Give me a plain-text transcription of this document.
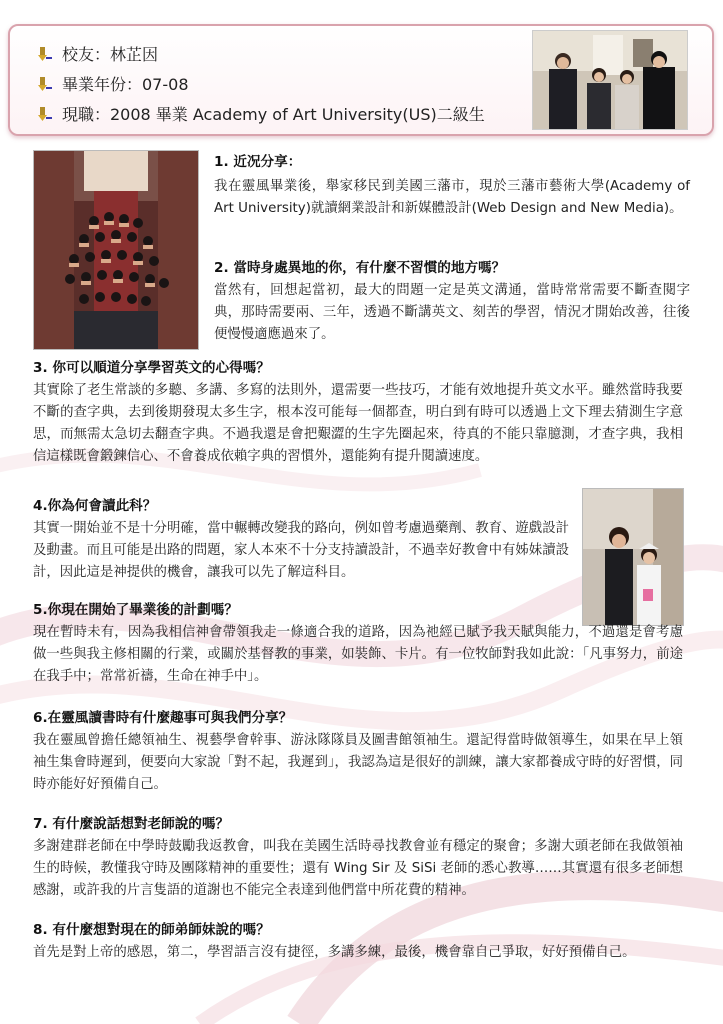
校友：林芷因
畢業年份：07-08
現職：2008 畢業 Academy of Art University(US)二級生

1. 近况分享：

我在靈風畢業後，舉家移民到美國三藩市，現於三藩市藝術大學(Academy of Art University)就讀網業設計和新媒體設計(Web Design and New Media)。

2. 當時身處異地的你，有什麼不習慣的地方嗎？

當然有，回想起當初，最大的問題一定是英文溝通，當時常常需要不斷查閱字典，那時需要兩、三年，透過不斷講英文、刻苦的學習，情況才開始改善，往後便慢慢適應過來了。

3. 你可以順道分享學習英文的心得嗎？

其實除了老生常談的多聽、多講、多寫的法則外，還需要一些技巧，才能有效地提升英文水平。雖然當時我要不斷的查字典，去到後期發現太多生字，根本沒可能每一個都查，明白到有時可以透過上文下理去猜測生字意思，而無需太急切去翻查字典。不過我還是會把艱澀的生字先圈起來，待真的不能只靠臆測，才查字典，我相信這樣既會鍛鍊信心、不會養成依賴字典的習慣外，還能夠有提升閱讀速度。

4.你為何會讀此科？

其實一開始並不是十分明確，當中輾轉改變我的路向，例如曾考慮過藥劑、教育、遊戲設計及動畫。而且可能是出路的問題，家人本來不十分支持讀設計，不過幸好教會中有姊妹讀設計，因此這是神提供的機會，讓我可以先了解這科目。

5.你現在開始了畢業後的計劃嗎？

現在暫時未有，因為我相信神會帶領我走一條適合我的道路，因為祂經已賦予我天賦與能力，不過還是會考慮做一些與我主修相關的行業，或關於基督教的事業，如裝飾、卡片。有一位牧師對我如此說：「凡事努力，前途在我手中；常常祈禱，生命在神手中」。

6.在靈風讀書時有什麼趣事可與我們分享？

我在靈風曾擔任總領袖生、視藝學會幹事、游泳隊隊員及圖書館領袖生。還記得當時做領導生，如果在早上領袖生集會時遲到，便要向大家說「對不起，我遲到」，我認為這是很好的訓練，讓大家都養成守時的好習慣，同時亦能好好預備自己。

7. 有什麼說話想對老師說的嗎？

多謝建群老師在中學時鼓勵我返教會，叫我在美國生活時尋找教會並有穩定的聚會；多謝大頭老師在我做領袖生的時候，教懂我守時及團隊精神的重要性；還有 Wing Sir 及 SiSi 老師的悉心教導……其實還有很多老師想感謝，或許我的片言隻語的道謝也不能完全表達到他們當中所花費的精神。

8. 有什麼想對現在的師弟師妹說的嗎？

首先是對上帝的感恩，第二，學習語言沒有捷徑，多講多練，最後，機會靠自己爭取，好好預備自己。
